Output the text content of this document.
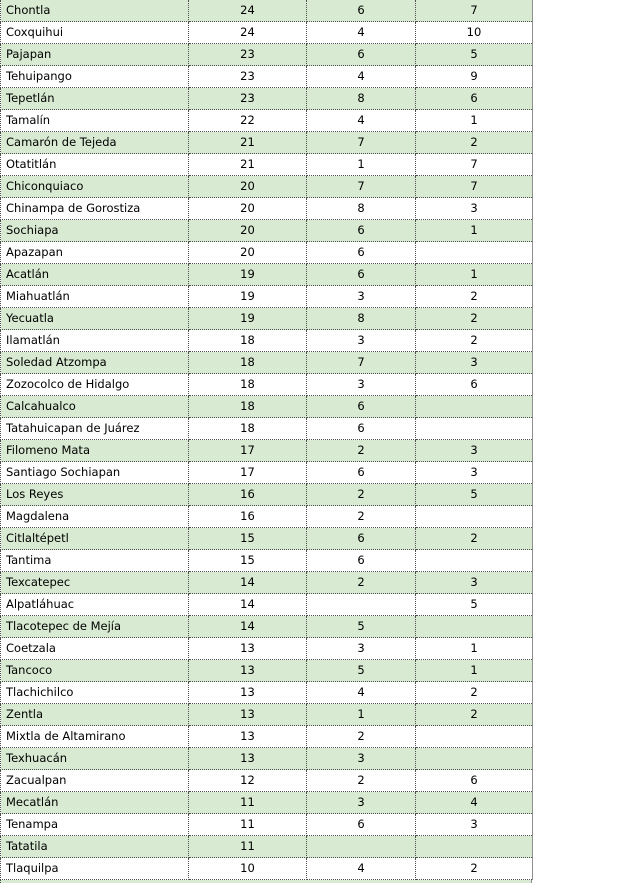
Chontla	24	6	7
Coxquihui	24	4	10
Pajapan	23	6	5
Tehuipango	23	4	9
Tepetlán	23	8	6
Tamalín	22	4	1
Camarón de Tejeda	21	7	2
Otatitlán	21	1	7
Chiconquiaco	20	7	7
Chinampa de Gorostiza	20	8	3
Sochiapa	20	6	1
Apazapan	20	6	
Acatlán	19	6	1
Miahuatlán	19	3	2
Yecuatla	19	8	2
Ilamatlán	18	3	2
Soledad Atzompa	18	7	3
Zozocolco de Hidalgo	18	3	6
Calcahualco	18	6	
Tatahuicapan de Juárez	18	6	
Filomeno Mata	17	2	3
Santiago Sochiapan	17	6	3
Los Reyes	16	2	5
Magdalena	16	2	
Citlaltépetl	15	6	2
Tantima	15	6	
Texcatepec	14	2	3
Alpatláhuac	14		5
Tlacotepec de Mejía	14	5	
Coetzala	13	3	1
Tancoco	13	5	1
Tlachichilco	13	4	2
Zentla	13	1	2
Mixtla de Altamirano	13	2	
Texhuacán	13	3	
Zacualpan	12	2	6
Mecatlán	11	3	4
Tenampa	11	6	3
Tatatila	11		
Tlaquilpa	10	4	2
